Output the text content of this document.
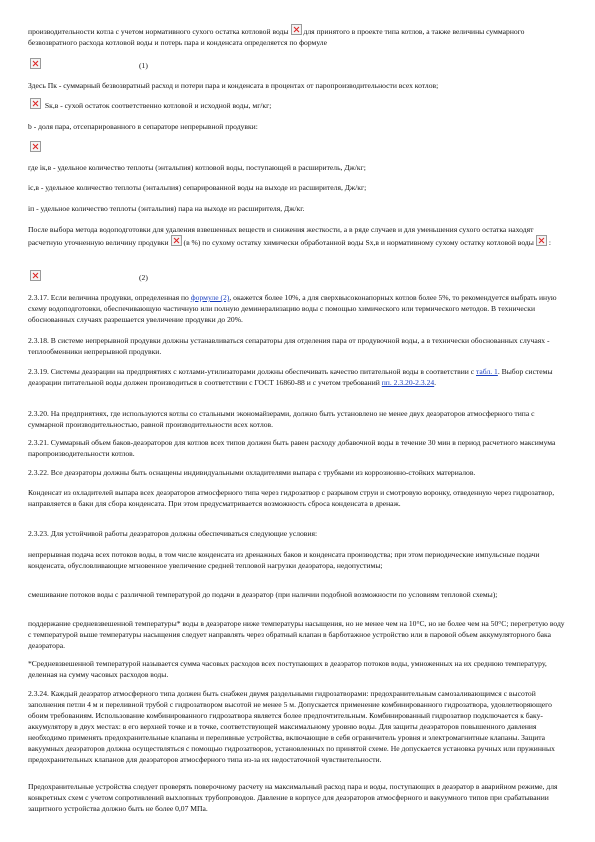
производительности котла с учетом нормативного сухого остатка котловой воды для принятого в проекте типа котлов, а также величины суммарного безвозвратного расхода котловой воды и потерь пара и конденсата определяется по формуле

(1)

Здесь Пк - суммарный безвозвратный расход и потери пара и конденсата в процентах от паропроизводительности всех котлов;

Sк,в - сухой остаток соответственно котловой и исходной воды, мг/кг;

b - доля пара, отсепарированного в сепараторе непрерывной продувки:

где iк,в - удельное количество теплоты (энтальпия) котловой воды, поступающей в расширитель, Дж/кг;

iс,в - удельное количество теплоты (энтальпия) сепарированной воды на выходе из расширителя, Дж/кг;

iп - удельное количество теплоты (энтальпия) пара на выходе из расширителя, Дж/кг.

После выбора метода водоподготовки для удаления взвешенных веществ и снижения жесткости, а в ряде случаев и для уменьшения сухого остатка находят расчетную уточненную величину продувки (в %) по сухому остатку химически обработанной воды Sх,в и нормативному сухому остатку котловой воды :

(2)

2.3.17. Если величина продувки, определенная по формуле (2), окажется более 10%, а для сверхвысоконапорных котлов более 5%, то рекомендуется выбрать иную схему водоподготовки, обеспечивающую частичную или полную деминерализацию воды с помощью химического или термического методов. В технически обоснованных случаях разрешается увеличение продувки до 20%.

2.3.18. В системе непрерывной продувки должны устанавливаться сепараторы для отделения пара от продувочной воды, а в технически обоснованных случаях - теплообменники непрерывной продувки.

2.3.19. Системы деаэрации на предприятиях с котлами-утилизаторами должны обеспечивать качество питательной воды в соответствии с табл. 1. Выбор системы деаэрации питательной воды должен производиться в соответствии с ГОСТ 16860-88 и с учетом требований пп. 2.3.20-2.3.24.

2.3.20. На предприятиях, где используются котлы со стальными экономайзерами, должно быть установлено не менее двух деаэраторов атмосферного типа с суммарной производительностью, равной производительности всех котлов.

2.3.21. Суммарный объем баков-деаэраторов для котлов всех типов должен быть равен расходу добавочной воды в течение 30 мин в период расчетного максимума паропроизводительности котлов.

2.3.22. Все деаэраторы должны быть оснащены индивидуальными охладителями выпара с трубками из коррозионно-стойких материалов.

Конденсат из охладителей выпара всех деаэраторов атмосферного типа через гидрозатвор с разрывом струи и смотровую воронку, отведенную через гидрозатвор, направляется в баки для сбора конденсата. При этом предусматривается возможность сброса конденсата в дренаж.

2.3.23. Для устойчивой работы деаэраторов должны обеспечиваться следующие условия:

непрерывная подача всех потоков воды, в том числе конденсата из дренажных баков и конденсата производства; при этом периодические импульсные подачи конденсата, обусловливающие мгновенное увеличение средней тепловой нагрузки деаэратора, недопустимы;

смешивание потоков воды с различной температурой до подачи в деаэратор (при наличии подобной возможности по условиям тепловой схемы);

поддержание средневзвешенной температуры* воды в деаэраторе ниже температуры насыщения, но не менее чем на 10°С, но не более чем на 50°С; перегретую воду с температурой выше температуры насыщения следует направлять через обратный клапан в барботажное устройство или в паровой объем аккумуляторного бака деаэратора.

*Средневзвешенной температурой называется сумма часовых расходов всех поступающих в деаэратор потоков воды, умноженных на их среднюю температуру, деленная на сумму часовых расходов воды.

2.3.24. Каждый деаэратор атмосферного типа должен быть снабжен двумя раздельными гидрозатворами: предохранительным самозаливающимся с высотой заполнения петли 4 м и переливной трубой с гидрозатвором высотой не менее 5 м. Допускается применение комбинированного гидрозатвора, удовлетворяющего обоим требованиям. Использование комбинированного гидрозатвора является более предпочтительным. Комбинированный гидрозатвор подключается к баку-аккумулятору в двух местах: в его верхней точке и в точке, соответствующей максимальному уровню воды. Для защиты деаэраторов повышенного давления необходимо применять предохранительные клапаны и переливные устройства, включающие в себя ограничитель уровня и электромагнитные клапаны. Защита вакуумных деаэраторов должна осуществляться с помощью гидрозатворов, установленных по принятой схеме. Не допускается установка ручных или пружинных предохранительных клапанов для деаэраторов атмосферного типа из-за их недостаточной чувствительности.

Предохранительные устройства следует проверять поверочному расчету на максимальный расход пара и воды, поступающих в деаэратор в аварийном режиме, для конкретных схем с учетом сопротивлений выхлопных трубопроводов. Давление в корпусе для деаэраторов атмосферного и вакуумного типов при срабатывании защитного устройства должно быть не более 0,07 МПа.
